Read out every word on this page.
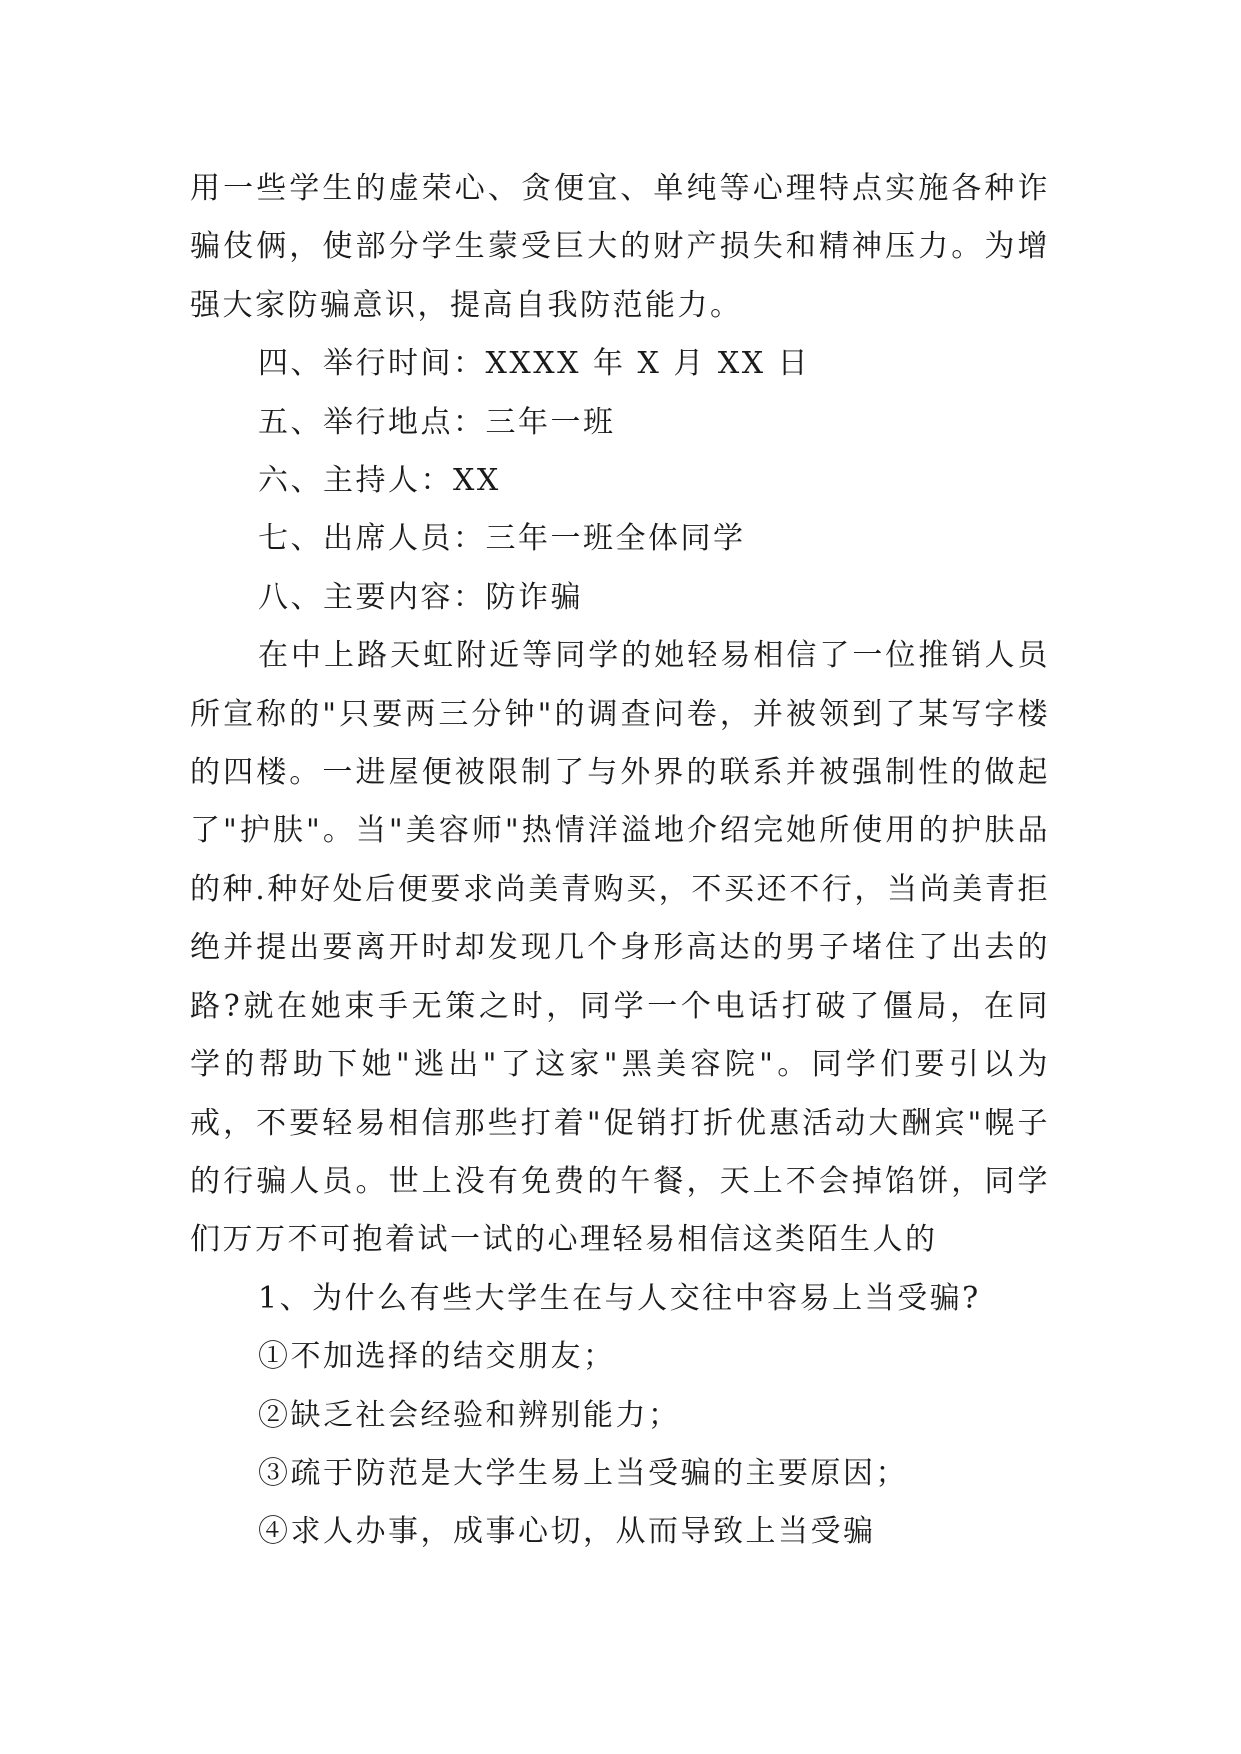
用一些学生的虚荣心、贪便宜、单纯等心理特点实施各种诈骗伎俩，使部分学生蒙受巨大的财产损失和精神压力。为增强大家防骗意识，提高自我防范能力。

四、举行时间：XXXX 年 X 月 XX 日

五、举行地点：三年一班

六、主持人：XX

七、出席人员：三年一班全体同学

八、主要内容：防诈骗

在中上路天虹附近等同学的她轻易相信了一位推销人员所宣称的"只要两三分钟"的调查问卷，并被领到了某写字楼的四楼。一进屋便被限制了与外界的联系并被强制性的做起了"护肤"。当"美容师"热情洋溢地介绍完她所使用的护肤品的种.种好处后便要求尚美青购买，不买还不行，当尚美青拒绝并提出要离开时却发现几个身形高达的男子堵住了出去的路?就在她束手无策之时，同学一个电话打破了僵局，在同学的帮助下她"逃出"了这家"黑美容院"。同学们要引以为戒，不要轻易相信那些打着"促销打折优惠活动大酬宾"幌子的行骗人员。世上没有免费的午餐，天上不会掉馅饼，同学们万万不可抱着试一试的心理轻易相信这类陌生人的

1、为什么有些大学生在与人交往中容易上当受骗?

①不加选择的结交朋友；

②缺乏社会经验和辨别能力；

③疏于防范是大学生易上当受骗的主要原因；

④求人办事，成事心切，从而导致上当受骗
